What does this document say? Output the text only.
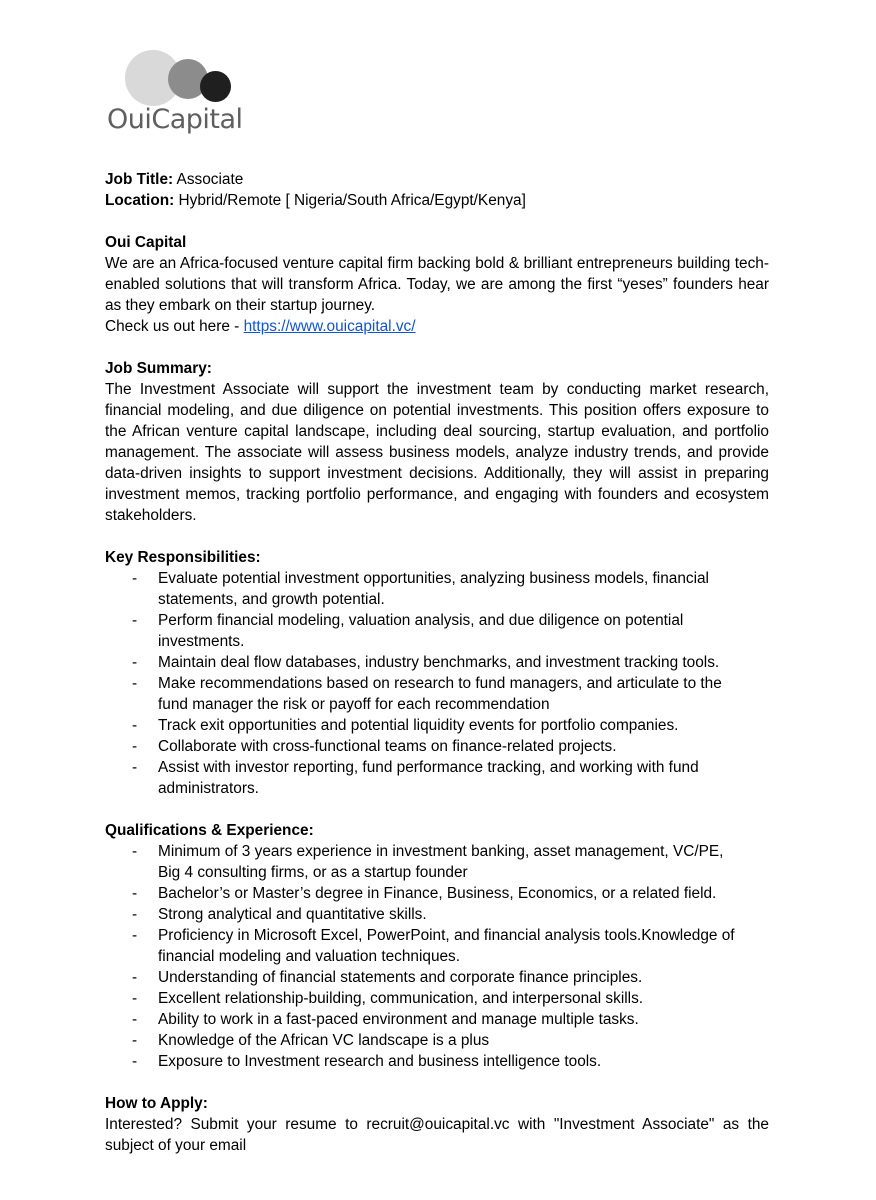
OuiCapital

Job Title: Associate

Location: Hybrid/Remote [ Nigeria/South Africa/Egypt/Kenya]

Oui Capital

We are an Africa-focused venture capital firm backing bold & brilliant entrepreneurs building tech-enabled solutions that will transform Africa. Today, we are among the first “yeses” founders hear as they embark on their startup journey.

Check us out here - https://www.ouicapital.vc/

Job Summary:

The Investment Associate will support the investment team by conducting market research, financial modeling, and due diligence on potential investments. This position offers exposure to the African venture capital landscape, including deal sourcing, startup evaluation, and portfolio management. The associate will assess business models, analyze industry trends, and provide data-driven insights to support investment decisions. Additionally, they will assist in preparing investment memos, tracking portfolio performance, and engaging with founders and ecosystem stakeholders.

Key Responsibilities:

- Evaluate potential investment opportunities, analyzing business models, financial statements, and growth potential.
- Perform financial modeling, valuation analysis, and due diligence on potential investments.
- Maintain deal flow databases, industry benchmarks, and investment tracking tools.
- Make recommendations based on research to fund managers, and articulate to the fund manager the risk or payoff for each recommendation
- Track exit opportunities and potential liquidity events for portfolio companies.
- Collaborate with cross-functional teams on finance-related projects.
- Assist with investor reporting, fund performance tracking, and working with fund administrators.

Qualifications & Experience:

- Minimum of 3 years experience in investment banking, asset management, VC/PE, Big 4 consulting firms, or as a startup founder
- Bachelor’s or Master’s degree in Finance, Business, Economics, or a related field.
- Strong analytical and quantitative skills.
- Proficiency in Microsoft Excel, PowerPoint, and financial analysis tools.Knowledge of financial modeling and valuation techniques.
- Understanding of financial statements and corporate finance principles.
- Excellent relationship-building, communication, and interpersonal skills.
- Ability to work in a fast-paced environment and manage multiple tasks.
- Knowledge of the African VC landscape is a plus
- Exposure to Investment research and business intelligence tools.

How to Apply:

Interested? Submit your resume to recruit@ouicapital.vc with "Investment Associate" as the subject of your email
